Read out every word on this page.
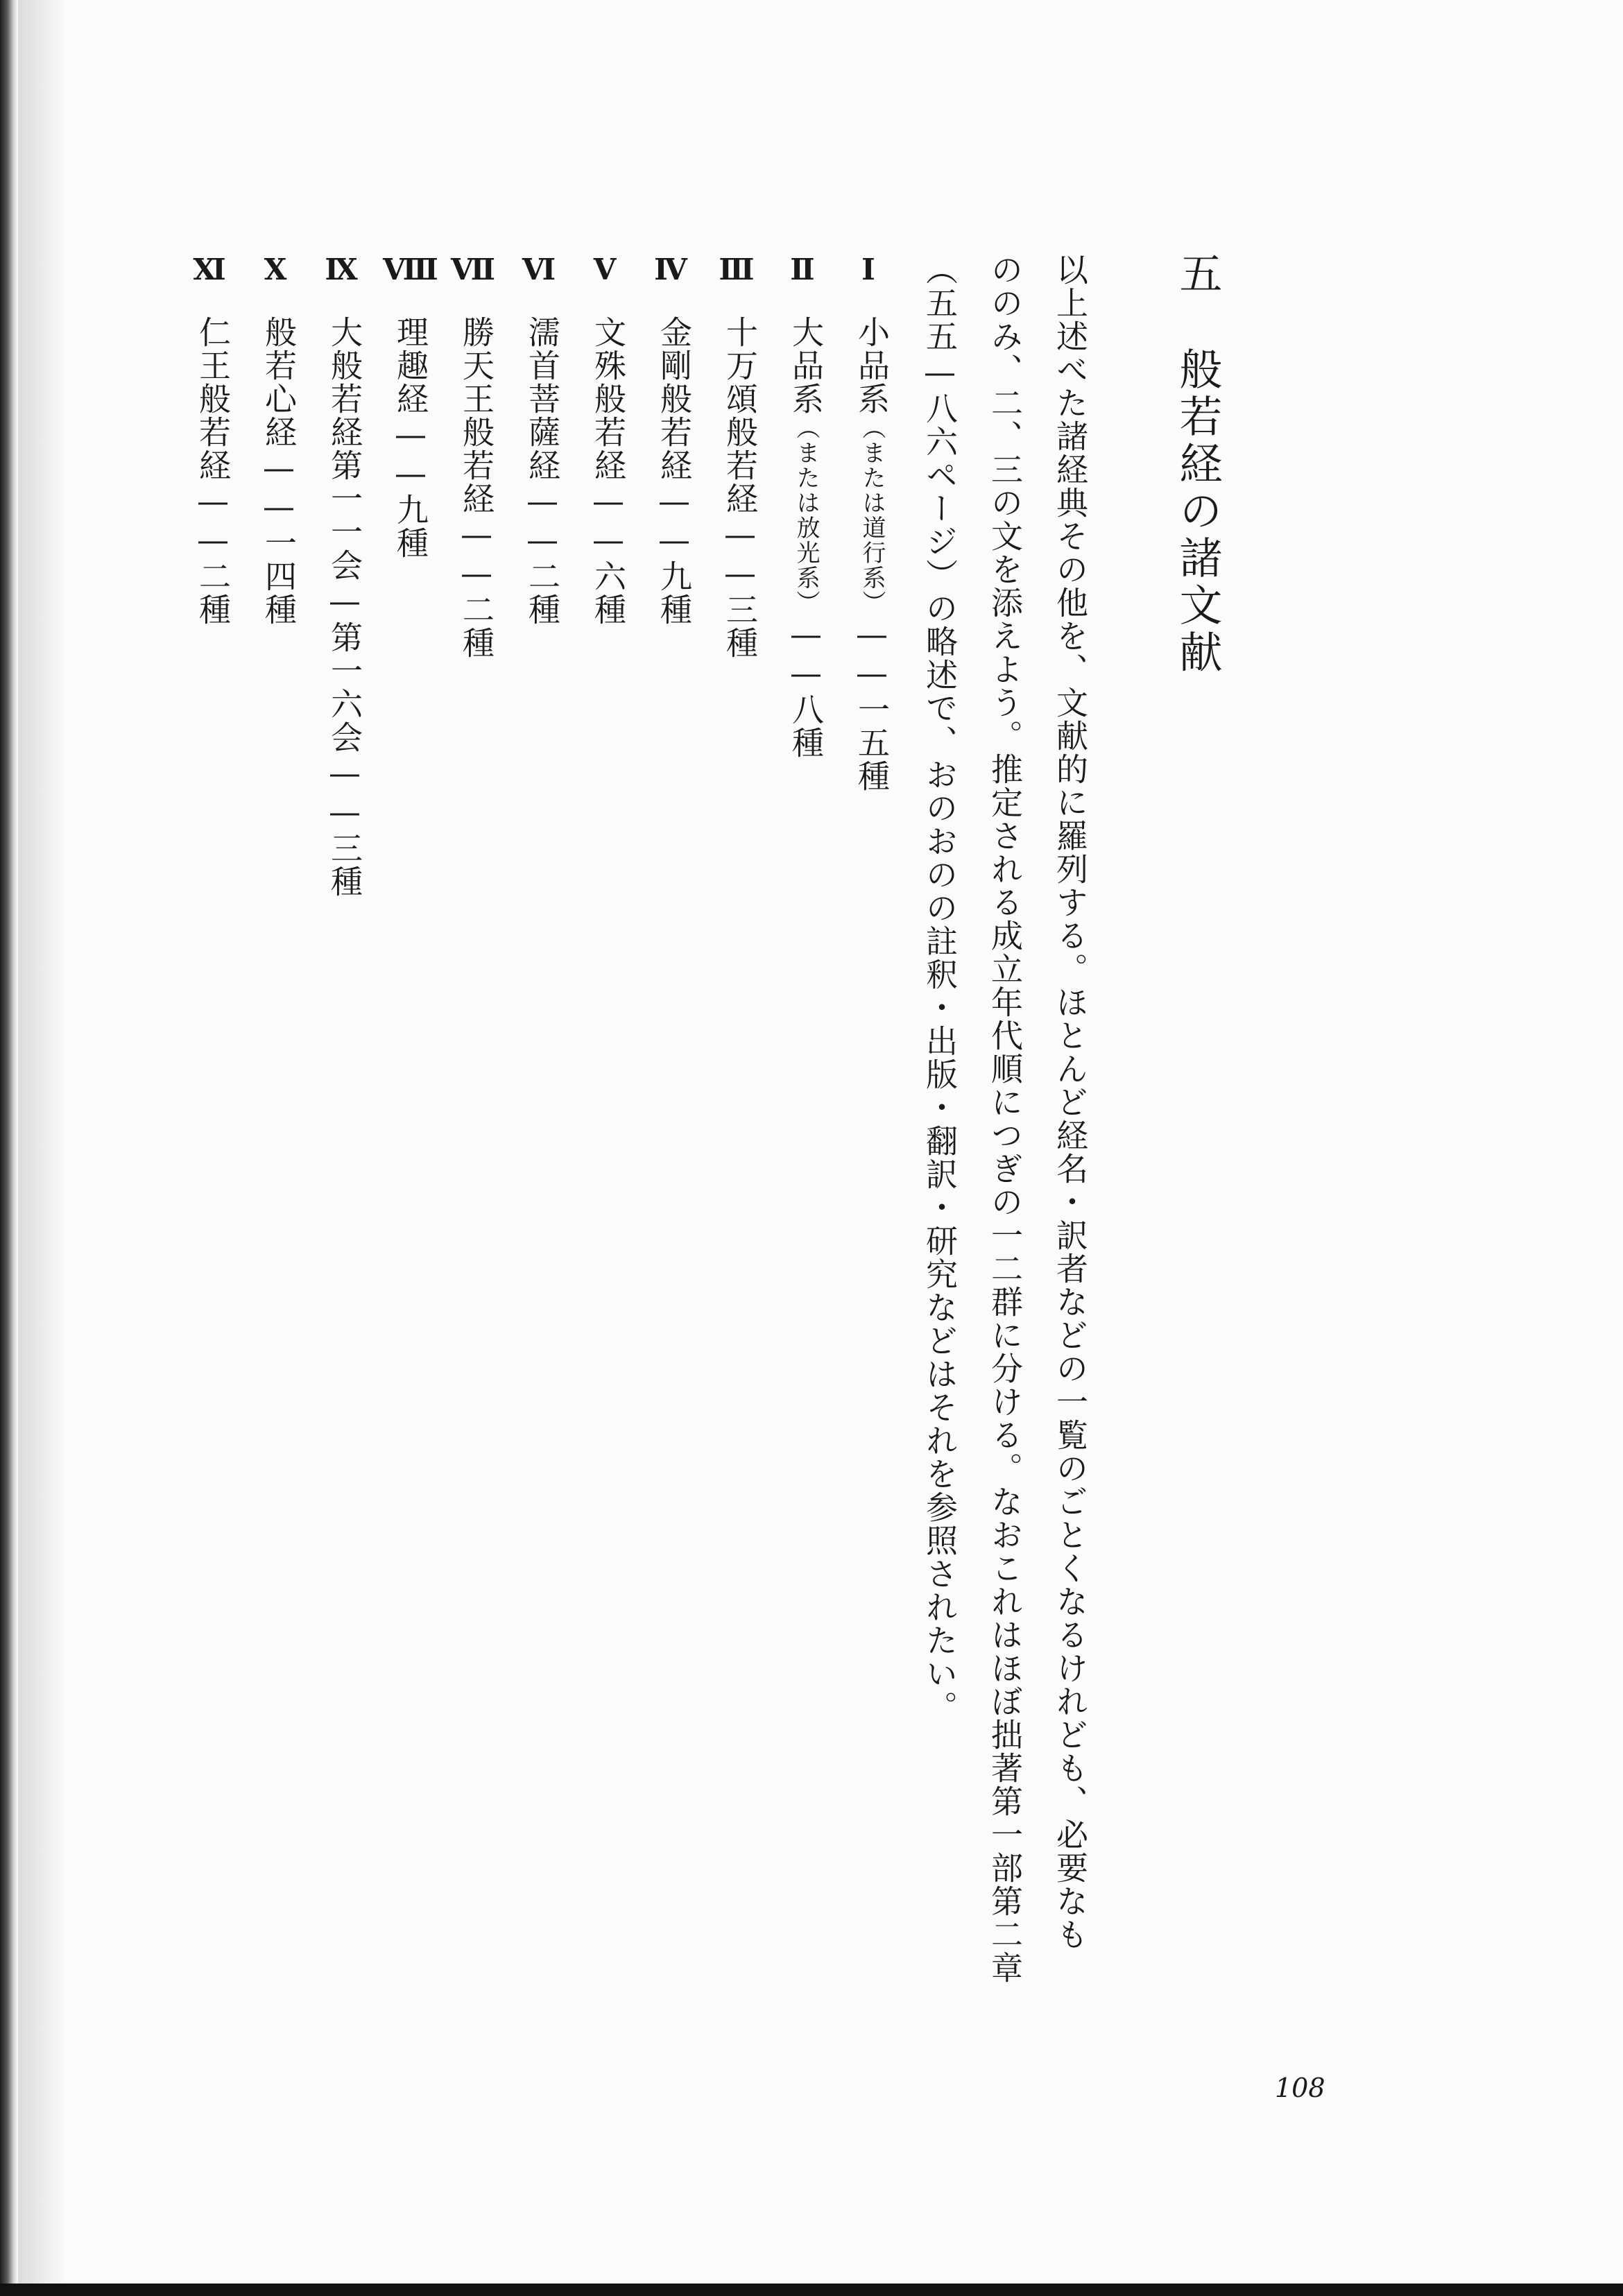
五般若経の諸文献

以上述べた諸経典その他を、文献的に羅列する。ほとんど経名・訳者などの一覧のごとくなるけれども、必要なも

ののみ、二、三の文を添えよう。推定される成立年代順につぎの一二群に分ける。なおこれはほぼ拙著第一部第二章

（五五—八六ページ）の略述で、おのおのの註釈・出版・翻訳・研究などはそれを参照されたい。

Ⅰ

小品系（または道行系）——一五種

Ⅱ

大品系（または放光系）——八種

Ⅲ

十万頌般若経——三種

Ⅳ

金剛般若経——九種

Ⅴ

文殊般若経——六種

Ⅵ

濡首菩薩経——二種

Ⅶ

勝天王般若経——二種

Ⅷ

理趣経——九種

Ⅸ

大般若経第一一会—第一六会——三種

Ⅹ

般若心経——一四種

Ⅺ

仁王般若経——二種

108
